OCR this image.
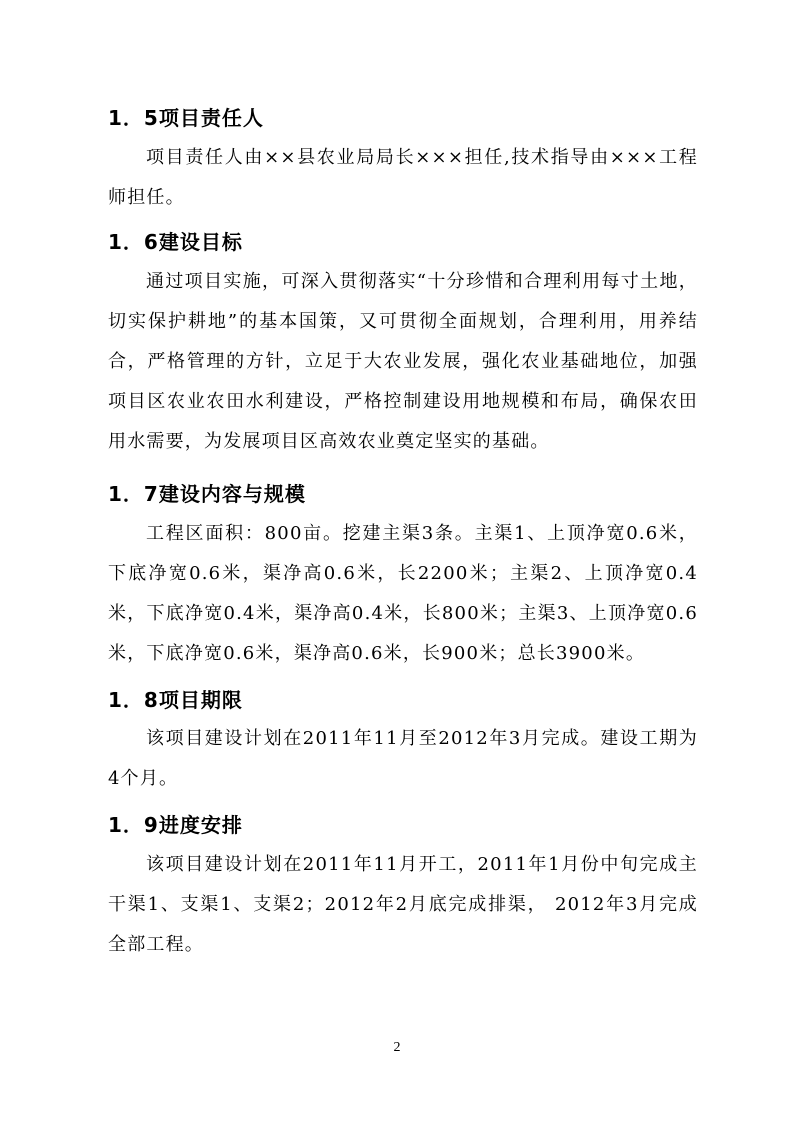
1．5项目责任人

项目责任人由××县农业局局长×××担任,技术指导由×××工程师担任。

1．6建设目标

通过项目实施，可深入贯彻落实“十分珍惜和合理利用每寸土地，切实保护耕地”的基本国策，又可贯彻全面规划，合理利用，用养结合，严格管理的方针，立足于大农业发展，强化农业基础地位，加强项目区农业农田水利建设，严格控制建设用地规模和布局，确保农田用水需要，为发展项目区高效农业奠定坚实的基础。

1．7建设内容与规模

工程区面积：800亩。挖建主渠3条。主渠1、上顶净宽0.6米，下底净宽0.6米，渠净高0.6米，长2200米；主渠2、上顶净宽0.4米，下底净宽0.4米，渠净高0.4米，长800米；主渠3、上顶净宽0.6米，下底净宽0.6米，渠净高0.6米，长900米；总长3900米。

1．8项目期限

该项目建设计划在2011年11月至2012年3月完成。建设工期为4个月。

1．9进度安排

该项目建设计划在2011年11月开工，2011年1月份中旬完成主干渠1、支渠1、支渠2；2012年2月底完成排渠， 2012年3月完成全部工程。

2
